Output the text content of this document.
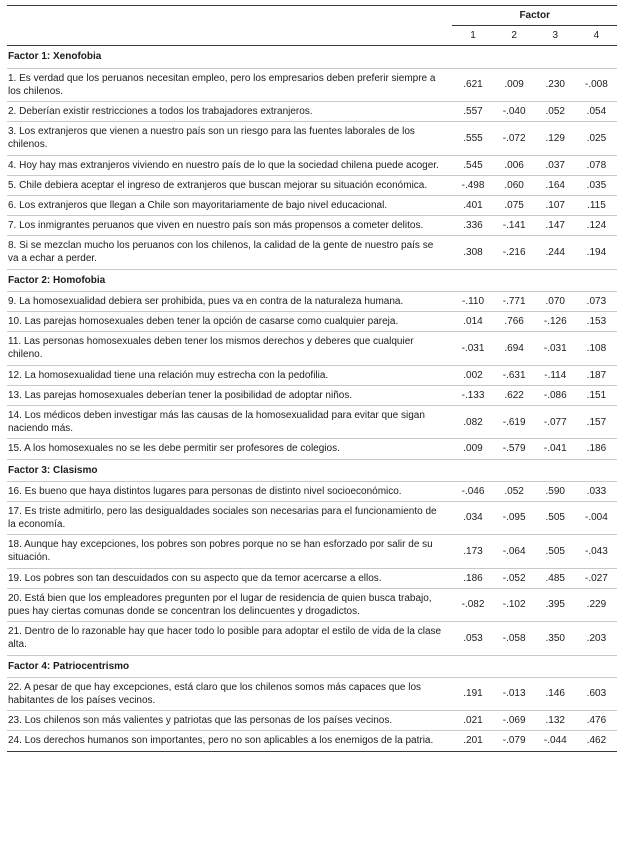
	Factor			
	1	2	3	4
Factor 1: Xenofobia				
1. Es verdad que los peruanos necesitan empleo, pero los empresarios deben preferir siempre a los chilenos.	.621	.009	.230	-.008
2. Deberían existir restricciones a todos los trabajadores extranjeros.	.557	-.040	.052	.054
3. Los extranjeros que vienen a nuestro país son un riesgo para las fuentes laborales de los chilenos.	.555	-.072	.129	.025
4. Hoy hay mas extranjeros viviendo en nuestro país de lo que la sociedad chilena puede acoger.	.545	.006	.037	.078
5. Chile debiera aceptar el ingreso de extranjeros que buscan mejorar su situación económica.	-.498	.060	.164	.035
6. Los extranjeros que llegan a Chile son mayoritariamente de bajo nivel educacional.	.401	.075	.107	.115
7. Los inmigrantes peruanos que viven en nuestro país son más propensos a cometer delitos.	.336	-.141	.147	.124
8. Si se mezclan mucho los peruanos con los chilenos, la calidad de la gente de nuestro país se va a echar a perder.	.308	-.216	.244	.194
Factor 2: Homofobia				
9. La homosexualidad debiera ser prohibida, pues va en contra de la naturaleza humana.	-.110	-.771	.070	.073
10. Las parejas homosexuales deben tener la opción de casarse como cualquier pareja.	.014	.766	-.126	.153
11. Las personas homosexuales deben tener los mismos derechos y deberes que cualquier chileno.	-.031	.694	-.031	.108
12. La homosexualidad tiene una relación muy estrecha con la pedofilia.	.002	-.631	-.114	.187
13. Las parejas homosexuales deberían tener la posibilidad de adoptar niños.	-.133	.622	-.086	.151
14. Los médicos deben investigar más las causas de la homosexualidad para evitar que sigan naciendo más.	.082	-.619	-.077	.157
15. A los homosexuales no se les debe permitir ser profesores de colegios.	.009	-.579	-.041	.186
Factor 3: Clasismo				
16. Es bueno que haya distintos lugares para personas de distinto nivel socioeconómico.	-.046	.052	.590	.033
17. Es triste admitirlo, pero las desigualdades sociales son necesarias para el funcionamiento de la economía.	.034	-.095	.505	-.004
18. Aunque hay excepciones, los pobres son pobres porque no se han esforzado por salir de su situación.	.173	-.064	.505	-.043
19. Los pobres son tan descuidados con su aspecto que da temor acercarse a ellos.	.186	-.052	.485	-.027
20. Está bien que los empleadores pregunten por el lugar de residencia de quien busca trabajo, pues hay ciertas comunas donde se concentran los delincuentes y drogadictos.	-.082	-.102	.395	.229
21. Dentro de lo razonable hay que hacer todo lo posible para adoptar el estilo de vida de la clase alta.	.053	-.058	.350	.203
Factor 4: Patriocentrismo				
22. A pesar de que hay excepciones, está claro que los chilenos somos más capaces que los habitantes de los países vecinos.	.191	-.013	.146	.603
23. Los chilenos son más valientes y patriotas que las personas de los países vecinos.	.021	-.069	.132	.476
24. Los derechos humanos son importantes, pero no son aplicables a los enemigos de la patria.	.201	-.079	-.044	.462
